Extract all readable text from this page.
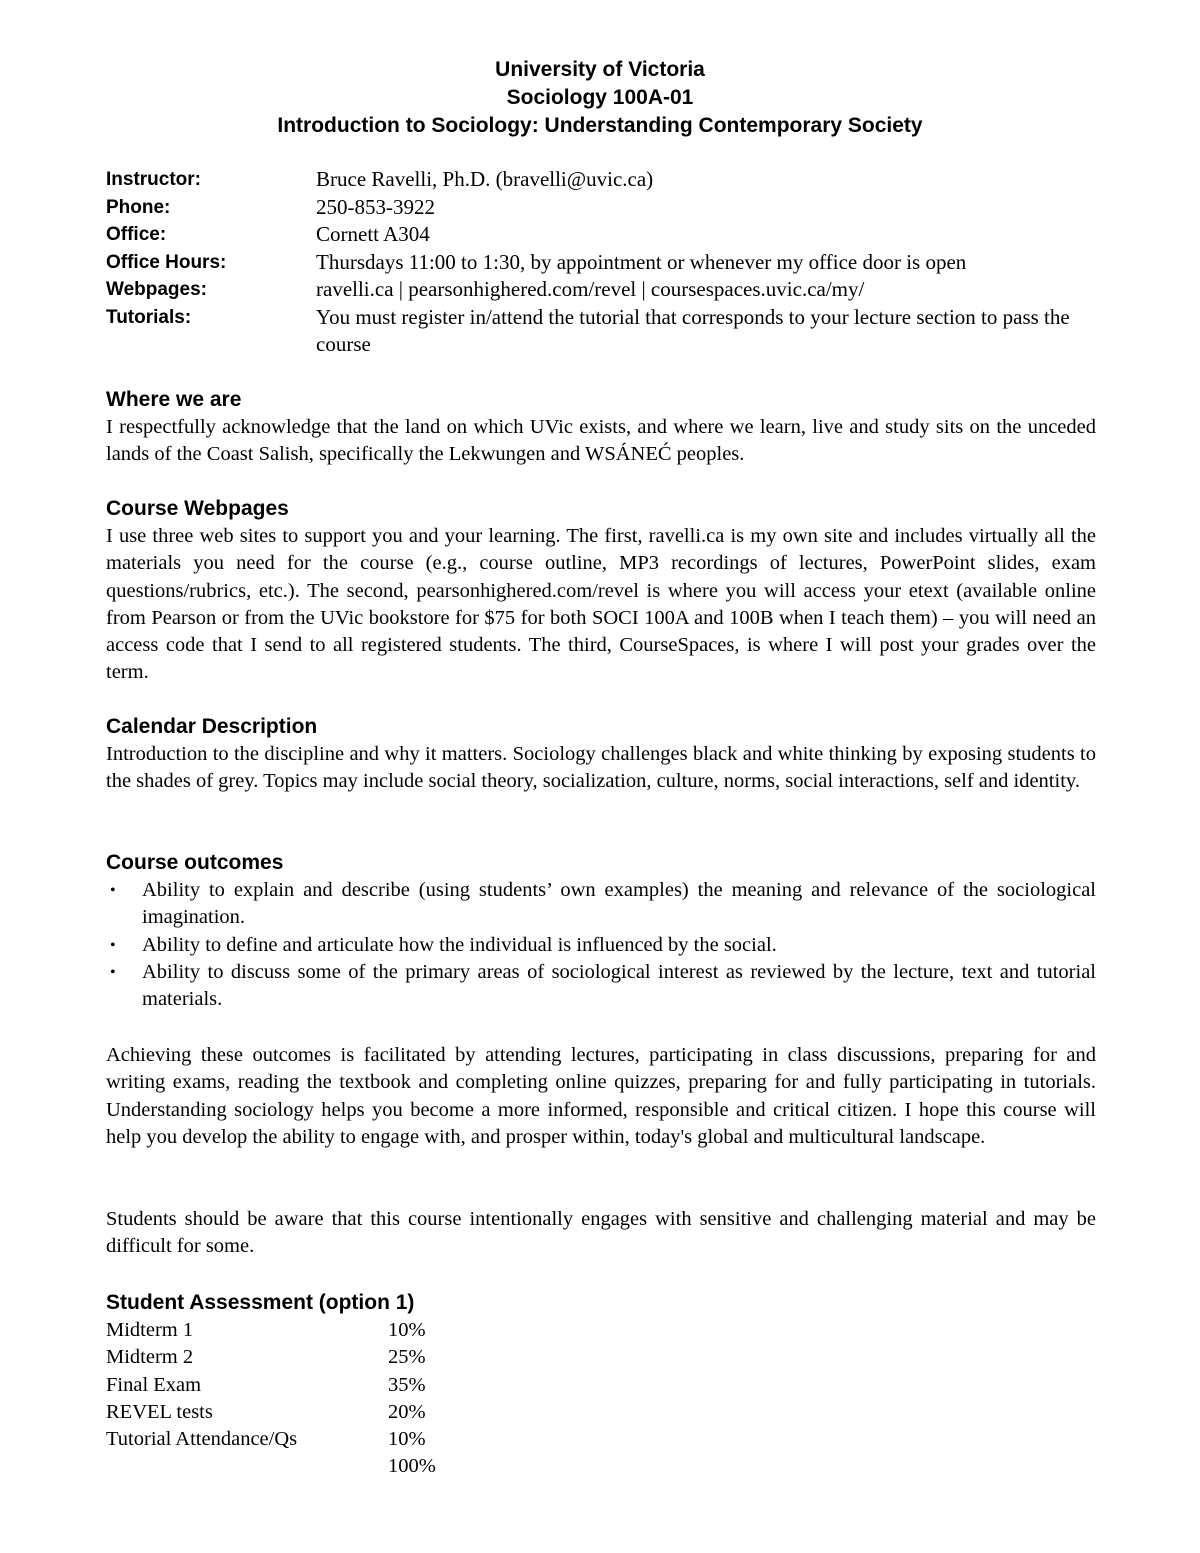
University of Victoria
Sociology 100A-01
Introduction to Sociology: Understanding Contemporary Society
Instructor:	Bruce Ravelli, Ph.D. (bravelli@uvic.ca)
Phone:	250-853-3922
Office:	Cornett A304
Office Hours:	Thursdays 11:00 to 1:30, by appointment or whenever my office door is open
Webpages:	ravelli.ca | pearsonhighered.com/revel | coursespaces.uvic.ca/my/
Tutorials:	You must register in/attend the tutorial that corresponds to your lecture section to pass the course
Where we are
I respectfully acknowledge that the land on which UVic exists, and where we learn, live and study sits on the unceded lands of the Coast Salish, specifically the Lekwungen and WSÁNEĆ peoples.
Course Webpages
I use three web sites to support you and your learning. The first, ravelli.ca is my own site and includes virtually all the materials you need for the course (e.g., course outline, MP3 recordings of lectures, PowerPoint slides, exam questions/rubrics, etc.). The second, pearsonhighered.com/revel is where you will access your etext (available online from Pearson or from the UVic bookstore for $75 for both SOCI 100A and 100B when I teach them) – you will need an access code that I send to all registered students. The third, CourseSpaces, is where I will post your grades over the term.
Calendar Description
Introduction to the discipline and why it matters. Sociology challenges black and white thinking by exposing students to the shades of grey. Topics may include social theory, socialization, culture, norms, social interactions, self and identity.
Course outcomes
• Ability to explain and describe (using students’ own examples) the meaning and relevance of the sociological imagination.
• Ability to define and articulate how the individual is influenced by the social.
• Ability to discuss some of the primary areas of sociological interest as reviewed by the lecture, text and tutorial materials.
Achieving these outcomes is facilitated by attending lectures, participating in class discussions, preparing for and writing exams, reading the textbook and completing online quizzes, preparing for and fully participating in tutorials. Understanding sociology helps you become a more informed, responsible and critical citizen. I hope this course will help you develop the ability to engage with, and prosper within, today's global and multicultural landscape.
Students should be aware that this course intentionally engages with sensitive and challenging material and may be difficult for some.
Student Assessment (option 1)
Midterm 1	10%
Midterm 2	25%
Final Exam	35%
REVEL tests	20%
Tutorial Attendance/Qs	10%
100%
